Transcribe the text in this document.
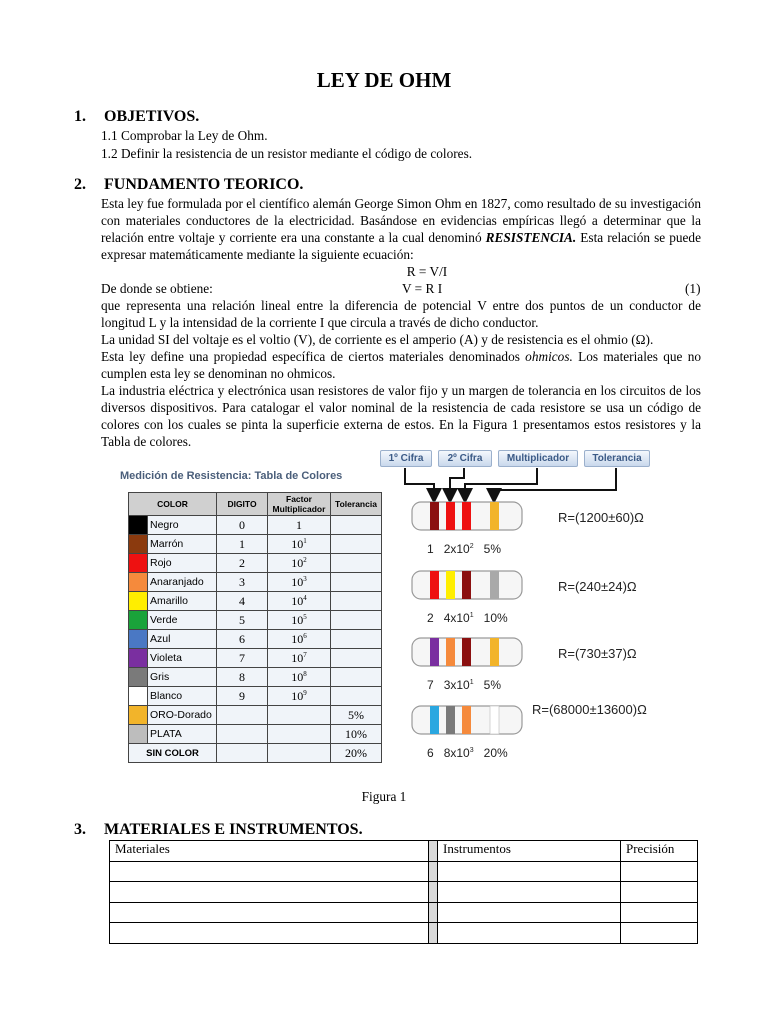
LEY DE OHM
1. OBJETIVOS.
1.1 Comprobar la Ley de Ohm.
1.2 Definir la resistencia de un resistor mediante el código de colores.
2. FUNDAMENTO TEORICO.
Esta ley fue formulada por el científico alemán George Simon Ohm en 1827, como resultado de su investigación con materiales conductores de la electricidad. Basándose en evidencias empíricas llegó a determinar que la relación entre voltaje y corriente era una constante a la cual denominó RESISTENCIA. Esta relación se puede expresar matemáticamente mediante la siguiente ecuación:
R = V/I
De donde se obtiene:	V = R I	(1)
que representa una relación lineal entre la diferencia de potencial V entre dos puntos de un conductor de longitud L y la intensidad de la corriente I que circula a través de dicho conductor.
La unidad SI del voltaje es el voltio (V), de corriente es el amperio (A) y de resistencia es el ohmio (Ω).
Esta ley define una propiedad específica de ciertos materiales denominados ohmicos. Los materiales que no cumplen esta ley se denominan no ohmicos.
La industria eléctrica y electrónica usan resistores de valor fijo y un margen de tolerancia en los circuitos de los diversos dispositivos. Para catalogar el valor nominal de la resistencia de cada resistore se usa un código de colores con los cuales se pinta la superficie externa de estos. En la Figura 1 presentamos estos resistores y la Tabla de colores.
Medición de Resistencia: Tabla de Colores
COLOR		DIGITO	Factor Multiplicador	Tolerancia
	Negro	0	1	
	Marrón	1	$10^1$	
	Rojo	2	$10^2$	
	Anaranjado	3	$10^3$	
	Amarillo	4	$10^4$	
	Verde	5	$10^5$	
	Azul	6	$10^6$	
	Violeta	7	$10^7$	
	Gris	8	$10^8$	
	Blanco	9	$10^9$	
	ORO-Dorado			5%
	PLATA			10%
SIN COLOR				20%
1º Cifra	2º Cifra	Multiplicador	Tolerancia
R=(1200±60)Ω
1 $2x10^2$ 5%
R=(240±24)Ω
2 $4x10^1$ 10%
R=(730±37)Ω
7 $3x10^1$ 5%
R=(68000±13600)Ω
6 $8x10^3$ 20%
Figura 1
3. MATERIALES E INSTRUMENTOS.
Materiales		Instrumentos	Precisión
